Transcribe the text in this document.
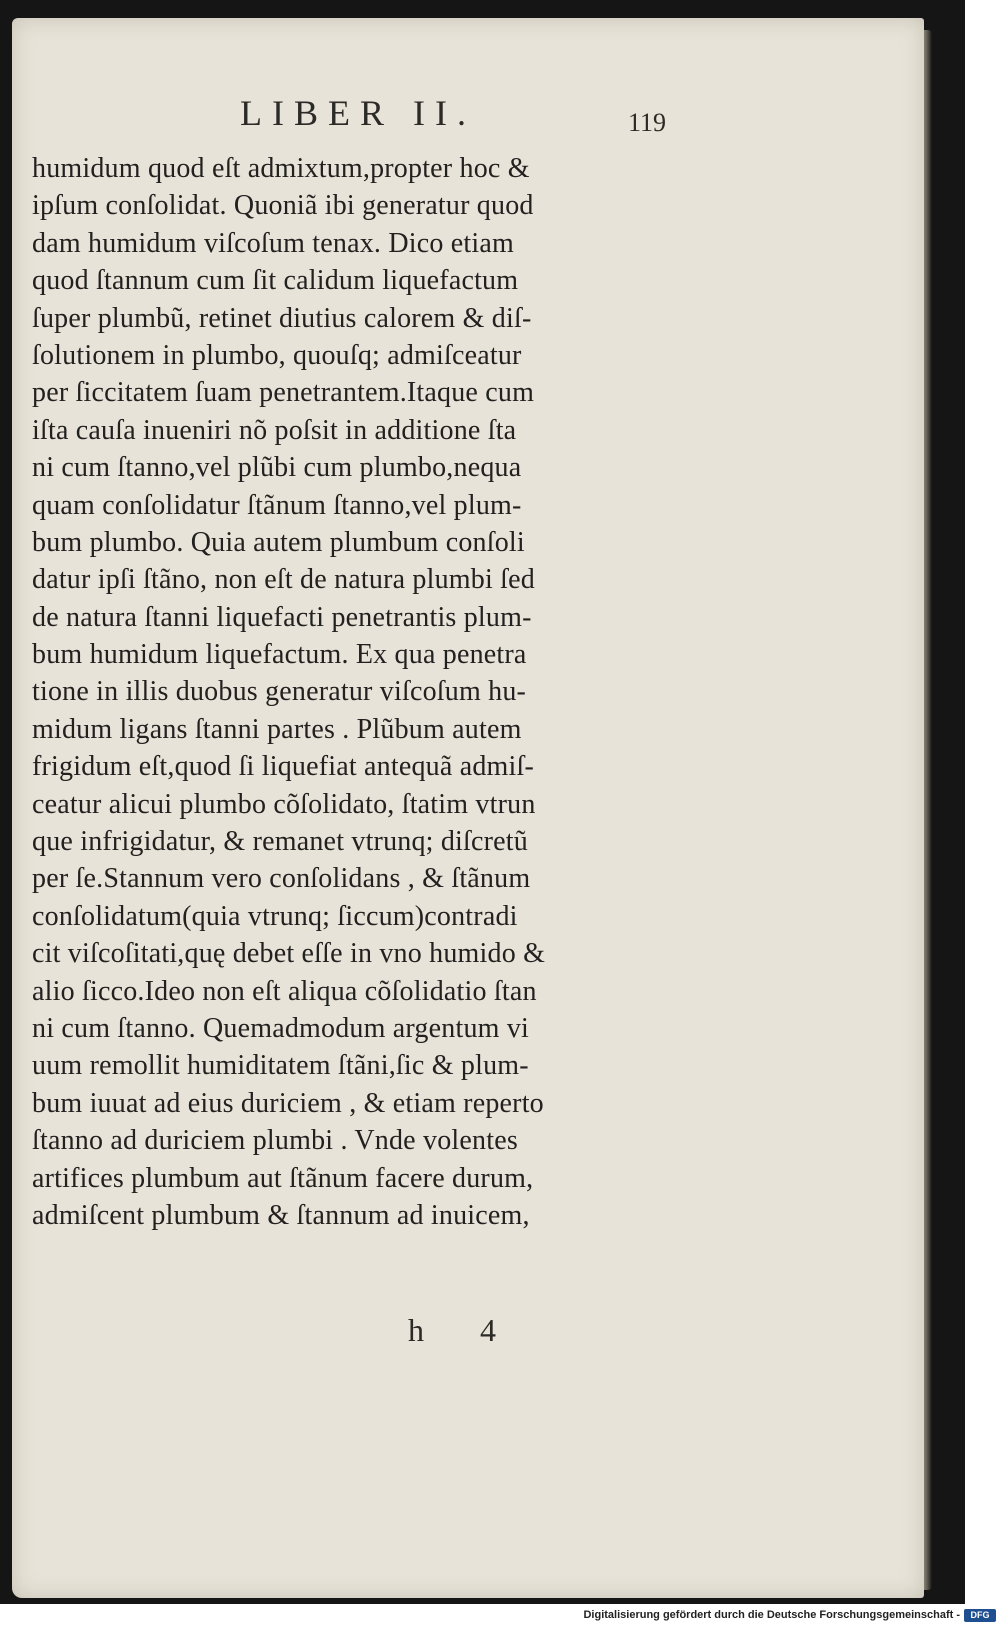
LIBER II.	119
humidum quod eſt admixtum,propter hoc &
ipſum conſolidat. Quoniã ibi generatur quod
dam humidum viſcoſum tenax. Dico etiam
quod ſtannum cum ſit calidum liquefactum
ſuper plumbũ, retinet diutius calorem & diſ-
ſolutionem in plumbo, quouſq; admiſceatur
per ſiccitatem ſuam penetrantem.Itaque cum
iſta cauſa inueniri nõ poſsit in additione ſta
ni cum ſtanno,vel plũbi cum plumbo,nequa
quam conſolidatur ſtãnum ſtanno,vel plum-
bum plumbo. Quia autem plumbum conſoli
datur ipſi ſtãno, non eſt de natura plumbi ſed
de natura ſtanni liquefacti penetrantis plum-
bum humidum liquefactum. Ex qua penetra
tione in illis duobus generatur viſcoſum hu-
midum ligans ſtanni partes . Plũbum autem
frigidum eſt,quod ſi liquefiat antequã admiſ-
ceatur alicui plumbo cõſolidato, ſtatim vtrun
que infrigidatur, & remanet vtrunq; diſcretũ
per ſe.Stannum vero conſolidans , & ſtãnum
conſolidatum(quia vtrunq; ſiccum)contradi
cit viſcoſitati,quę debet eſſe in vno humido &
alio ſicco.Ideo non eſt aliqua cõſolidatio ſtan
ni cum ſtanno. Quemadmodum argentum vi
uum remollit humiditatem ſtãni,ſic & plum-
bum iuuat ad eius duriciem , & etiam reperto
ſtanno ad duriciem plumbi . Vnde volentes
artifices plumbum aut ſtãnum facere durum,
admiſcent plumbum & ſtannum ad inuicem,
h 4
Digitalisierung gefördert durch die Deutsche Forschungsgemeinschaft -	DFG
